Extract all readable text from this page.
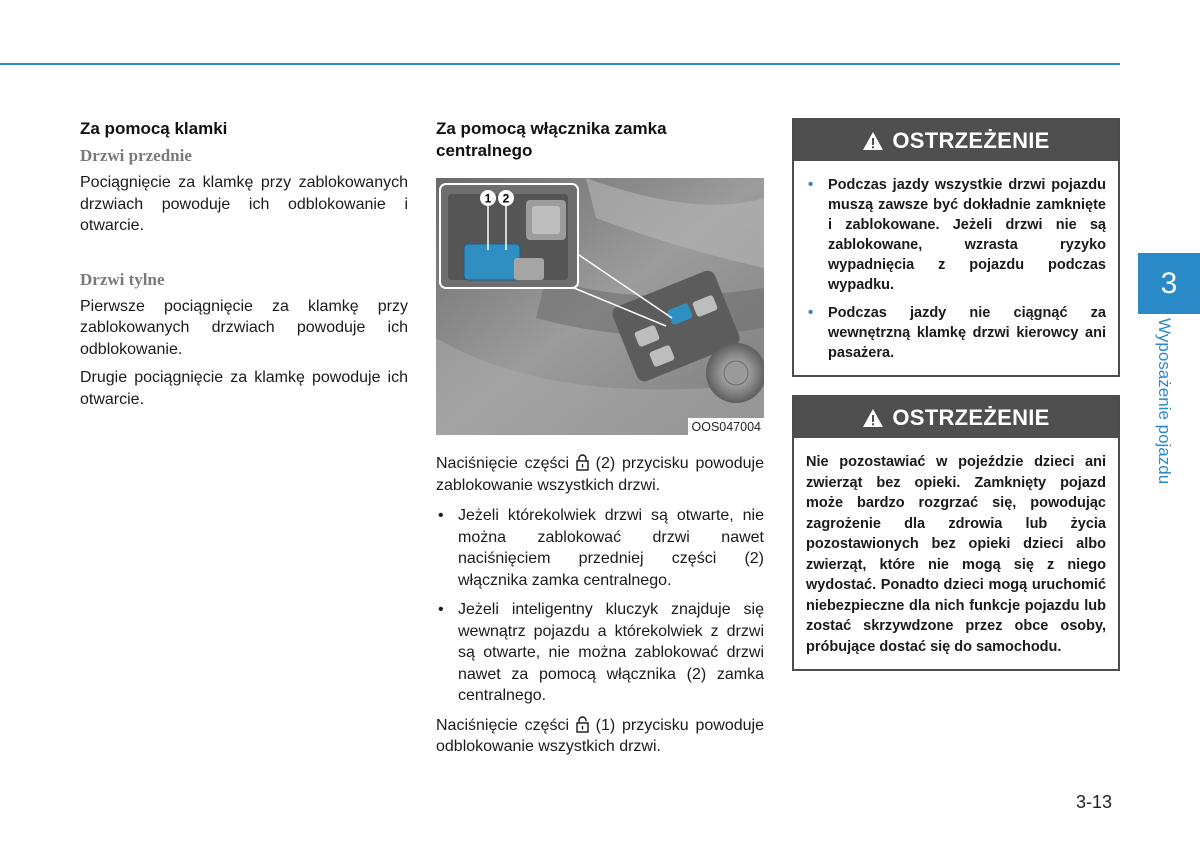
Za pomocą klamki
Drzwi przednie

Pociągnięcie za klamkę przy zablokowanych drzwiach powoduje ich odblokowanie i otwarcie.

Drzwi tylne

Pierwsze pociągnięcie za klamkę przy zablokowanych drzwiach powoduje ich odblokowanie.

Drugie pociągnięcie za klamkę powoduje ich otwarcie.

Za pomocą włącznika zamka centralnego
1 2
OOS047004

Naciśnięcie części (2) przycisku powoduje zablokowanie wszystkich drzwi.

• Jeżeli którekolwiek drzwi są otwarte, nie można zablokować drzwi nawet naciśnięciem przedniej części (2) włącznika zamka centralnego.
• Jeżeli inteligentny kluczyk znajduje się wewnątrz pojazdu a którekolwiek z drzwi są otwarte, nie można zablokować drzwi nawet za pomocą włącznika (2) zamka centralnego.

Naciśnięcie części (1) przycisku powoduje odblokowanie wszystkich drzwi.

OSTRZEŻENIE
• Podczas jazdy wszystkie drzwi pojazdu muszą zawsze być dokładnie zamknięte i zablokowane. Jeżeli drzwi nie są zablokowane, wzrasta ryzyko wypadnięcia z pojazdu podczas wypadku.
• Podczas jazdy nie ciągnąć za wewnętrzną klamkę drzwi kierowcy ani pasażera.
OSTRZEŻENIE

Nie pozostawiać w pojeździe dzieci ani zwierząt bez opieki. Zamknięty pojazd może bardzo rozgrzać się, powodując zagrożenie dla zdrowia lub życia pozostawionych bez opieki dzieci albo zwierząt, które nie mogą się z niego wydostać. Ponadto dzieci mogą uruchomić niebezpieczne dla nich funkcje pojazdu lub zostać skrzywdzone przez obce osoby, próbujące dostać się do samochodu.

3
Wyposażenie pojazdu
3-13
